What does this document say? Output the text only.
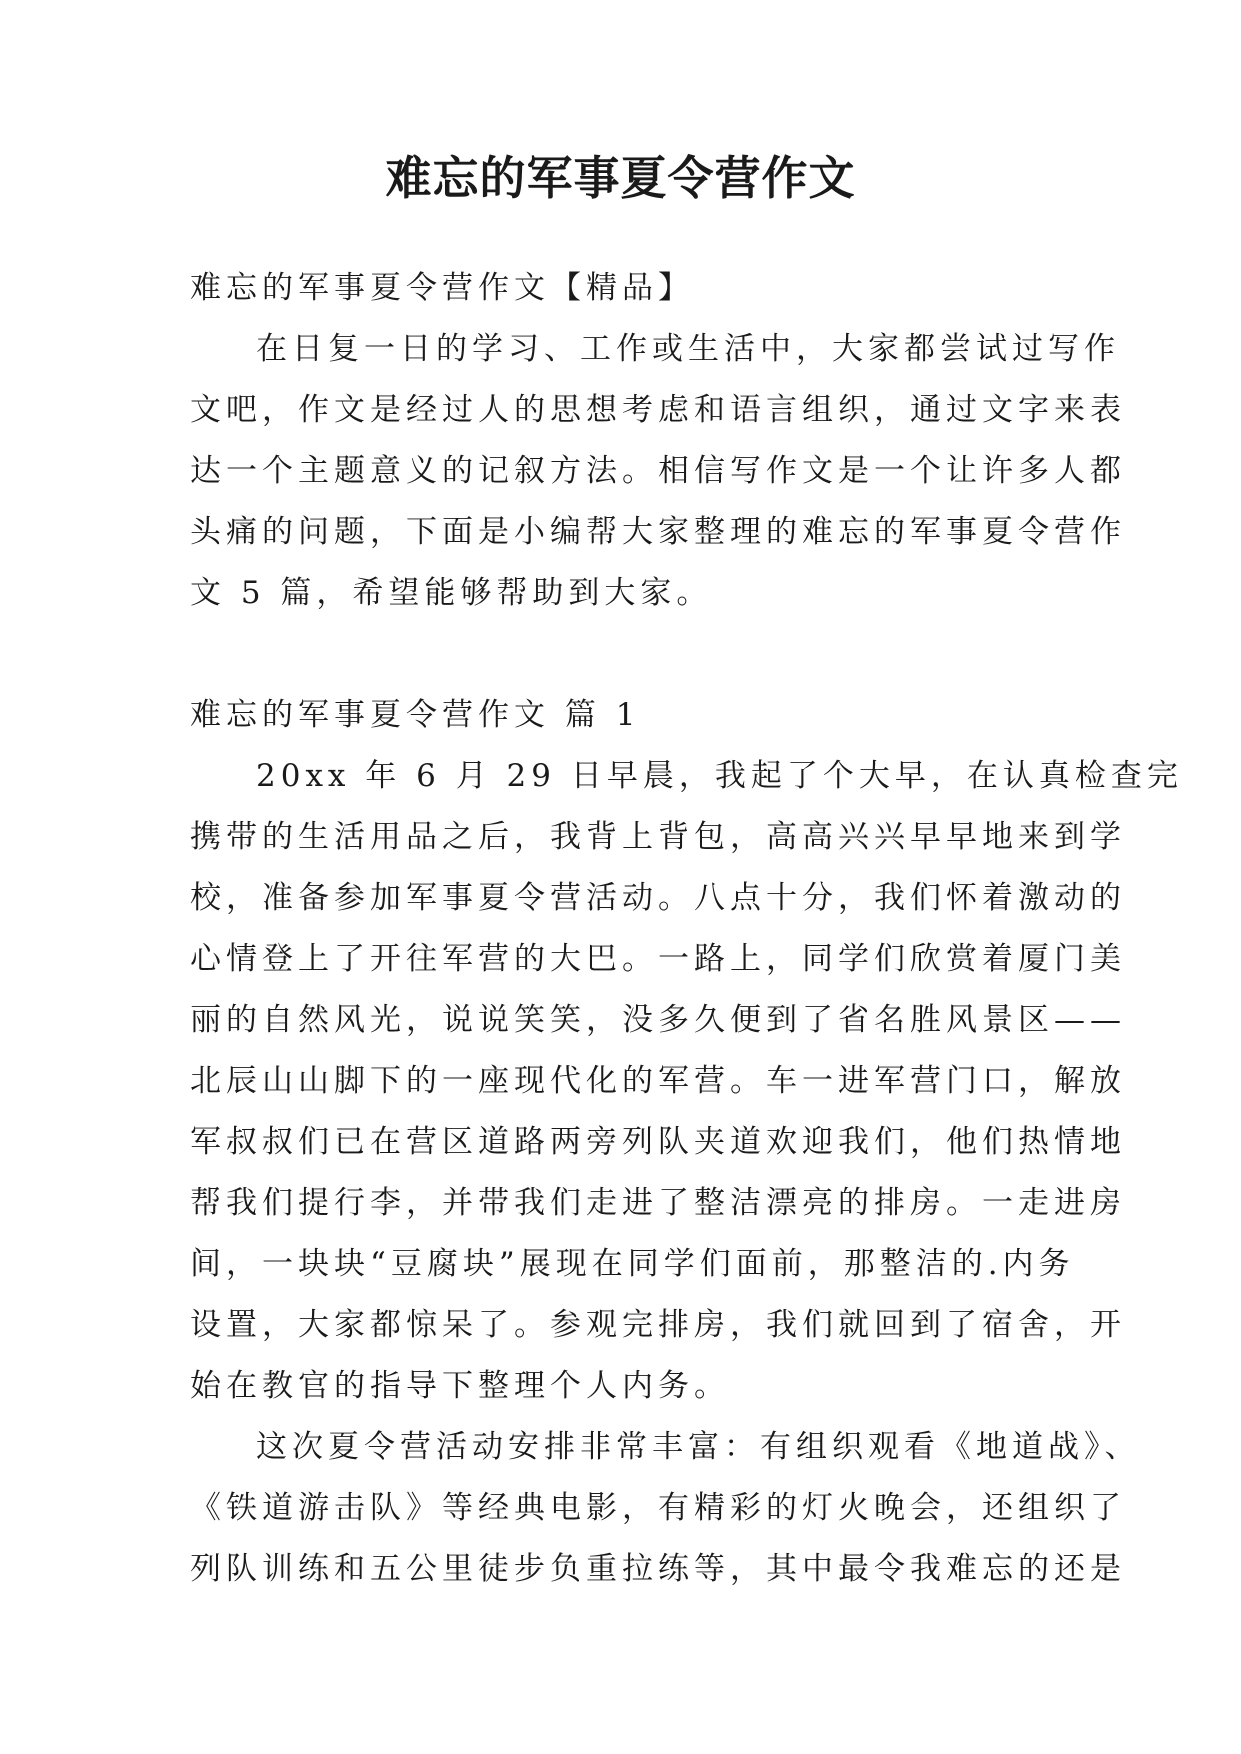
难忘的军事夏令营作文

难忘的军事夏令营作文【精品】

在日复一日的学习、工作或生活中，大家都尝试过写作

文吧，作文是经过人的思想考虑和语言组织，通过文字来表

达一个主题意义的记叙方法。相信写作文是一个让许多人都

头痛的问题，下面是小编帮大家整理的难忘的军事夏令营作

文 5 篇，希望能够帮助到大家。

难忘的军事夏令营作文 篇 1

20xx 年 6 月 29 日早晨，我起了个大早，在认真检查完

携带的生活用品之后，我背上背包，高高兴兴早早地来到学

校，准备参加军事夏令营活动。八点十分，我们怀着激动的

心情登上了开往军营的大巴。一路上，同学们欣赏着厦门美

丽的自然风光，说说笑笑，没多久便到了省名胜风景区——

北辰山山脚下的一座现代化的军营。车一进军营门口，解放

军叔叔们已在营区道路两旁列队夹道欢迎我们，他们热情地

帮我们提行李，并带我们走进了整洁漂亮的排房。一走进房

间，一块块“豆腐块”展现在同学们面前，那整洁的.内务

设置，大家都惊呆了。参观完排房，我们就回到了宿舍，开

始在教官的指导下整理个人内务。

这次夏令营活动安排非常丰富：有组织观看《地道战》、

《铁道游击队》等经典电影，有精彩的灯火晚会，还组织了

列队训练和五公里徒步负重拉练等，其中最令我难忘的还是
